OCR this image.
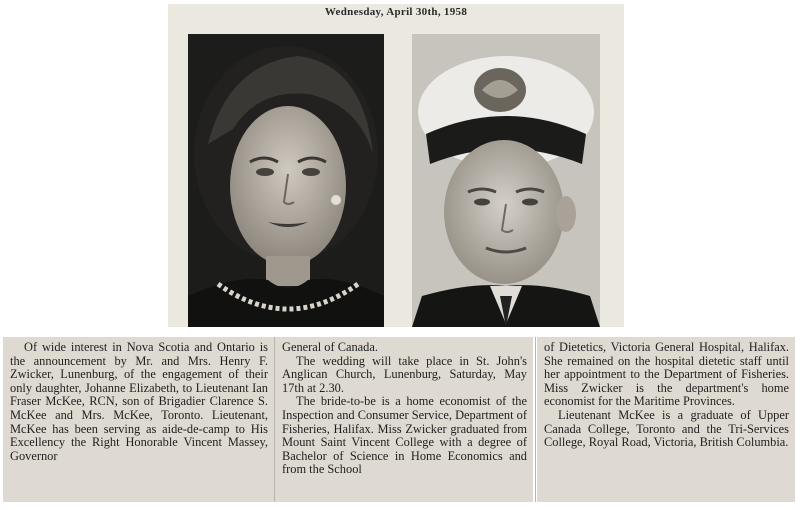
Wednesday, April 30th, 1958

Of wide interest in Nova Scotia and Ontario is the announcement by Mr. and Mrs. Henry F. Zwicker, Lunenburg, of the engagement of their only daughter, Johanne Elizabeth, to Lieutenant Ian Fraser McKee, RCN, son of Brigadier Clarence S. McKee and Mrs. McKee, Toronto. Lieutenant, McKee has been serving as aide-de-camp to His Excellency the Right Honorable Vincent Massey, Governor

General of Canada.

The wedding will take place in St. John's Anglican Church, Lunenburg, Saturday, May 17th at 2.30.

The bride-to-be is a home economist of the Inspection and Consumer Service, Department of Fisheries, Halifax. Miss Zwicker graduated from Mount Saint Vincent College with a degree of Bachelor of Science in Home Economics and from the School

of Dietetics, Victoria General Hospital, Halifax. She remained on the hospital dietetic staff until her appointment to the Department of Fisheries. Miss Zwicker is the department's home economist for the Maritime Provinces.

Lieutenant McKee is a graduate of Upper Canada College, Toronto and the Tri-Services College, Royal Road, Victoria, British Columbia.
